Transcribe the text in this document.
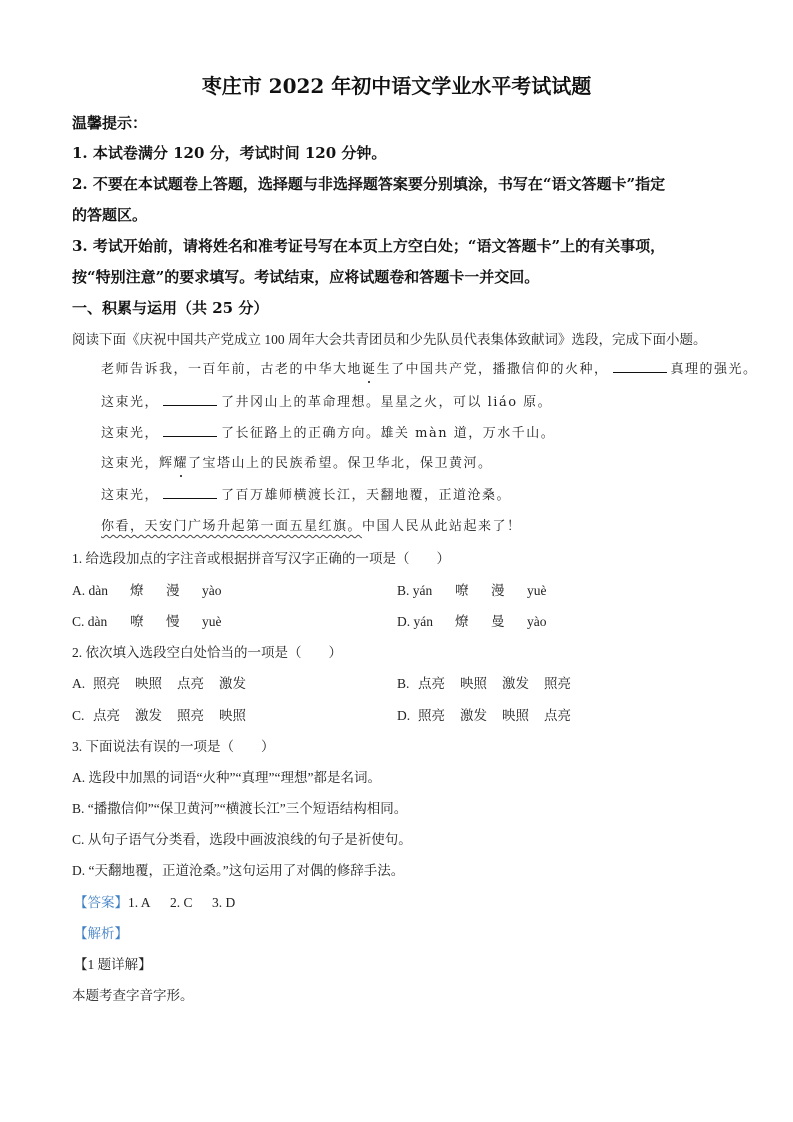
枣庄市 2022 年初中语文学业水平考试试题
温馨提示：
1. 本试卷满分 120 分，考试时间 120 分钟。
2. 不要在本试题卷上答题，选择题与非选择题答案要分别填涂，书写在“语文答题卡”指定
的答题区。
3. 考试开始前，请将姓名和准考证号写在本页上方空白处；“语文答题卡”上的有关事项，
按“特别注意”的要求填写。考试结束，应将试题卷和答题卡一并交回。
一、积累与运用（共 25 分）
阅读下面《庆祝中国共产党成立 100 周年大会共青团员和少先队员代表集体致献词》选段，完成下面小题。
老师告诉我，一百年前，古老的中华大地诞生了中国共产党，播撒信仰的火种，	真理的强光。
这束光，	了井冈山上的革命理想。星星之火，可以 liáo 原。
这束光，	了长征路上的正确方向。雄关 màn 道，万水千山。
这束光，辉耀了宝塔山上的民族希望。保卫华北，保卫黄河。
这束光，	了百万雄师横渡长江，天翻地覆，正道沧桑。
你看，天安门广场升起第一面五星红旗。中国人民从此站起来了！
1. 给选段加点的字注音或根据拼音写汉字正确的一项是（　　）
A. dàn 燎 漫 yào	B. yán 嘹 漫 yuè
C. dàn 嘹 慢 yuè	D. yán 燎 曼 yào
2. 依次填入选段空白处恰当的一项是（　　）
A. 照亮 映照 点亮 激发	B. 点亮 映照 激发 照亮
C. 点亮 激发 照亮 映照	D. 照亮 激发 映照 点亮
3. 下面说法有误的一项是（　　）
A. 选段中加黑的词语“火种”“真理”“理想”都是名词。
B. “播撒信仰”“保卫黄河”“横渡长江”三个短语结构相同。
C. 从句子语气分类看，选段中画波浪线的句子是祈使句。
D. “天翻地覆，正道沧桑。”这句运用了对偶的修辞手法。
【答案】1. A 2. C 3. D
【解析】
【1 题详解】
本题考查字音字形。
